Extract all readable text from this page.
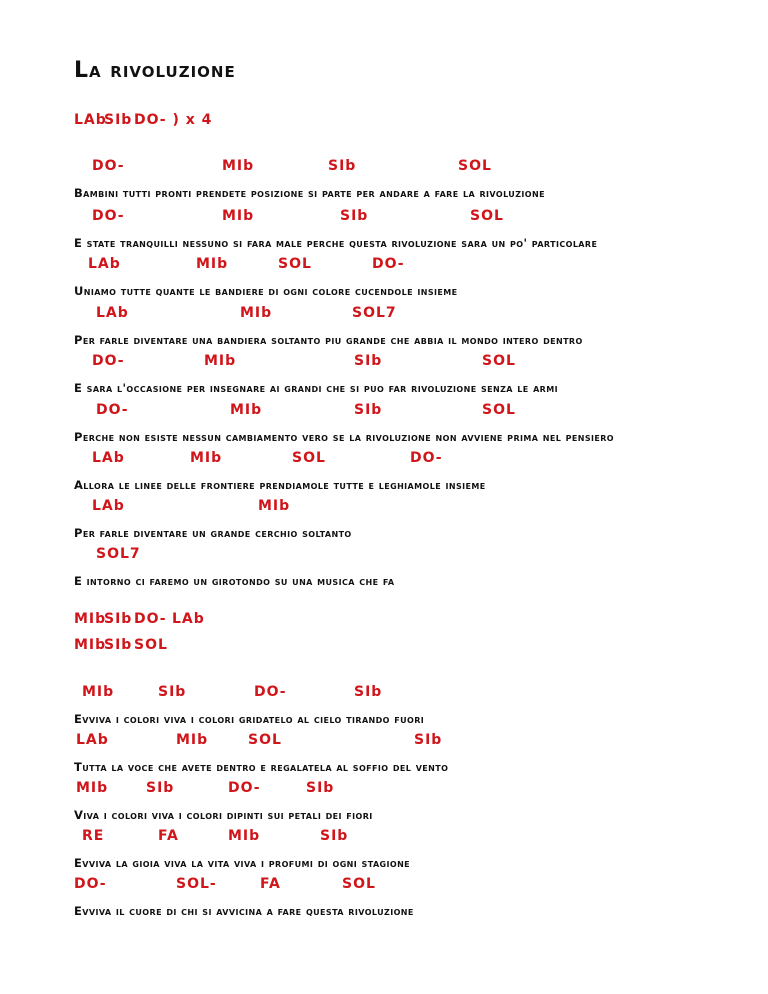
La rivoluzione
LAb
SIb DO- ) x 4
DO-	MIb	SIb	SOL
Bambini tutti pronti prendete posizione si parte per andare a fare la rivoluzione
DO-	MIb	SIb	SOL
E state tranquilli nessuno si fara male perche questa rivoluzione sara un po' particolare
LAb	MIb	SOL	DO-
Uniamo tutte quante le bandiere di ogni colore cucendole insieme
LAb	MIb	SOL7
Per farle diventare una bandiera soltanto piu grande che abbia il mondo intero dentro
DO-	MIb	SIb	SOL
E sara l'occasione per insegnare ai grandi che si puo far rivoluzione senza le armi
DO-	MIb	SIb	SOL
Perche non esiste nessun cambiamento vero se la rivoluzione non avviene prima nel pensiero
LAb	MIb	SOL	DO-
Allora le linee delle frontiere prendiamole tutte e leghiamole insieme
LAb	MIb
Per farle diventare un grande cerchio soltanto
SOL7
E intorno ci faremo un girotondo su una musica che fa
MIb
SIb DO- LAb
MIb
SIb SOL
MIb	SIb	DO-	SIb
Evviva i colori viva i colori gridatelo al cielo tirando fuori
LAb	MIb	SOL	SIb
Tutta la voce che avete dentro e regalatela al soffio del vento
MIb	SIb	DO-	SIb
Viva i colori viva i colori dipinti sui petali dei fiori
RE	FA	MIb	SIb
Evviva la gioia viva la vita viva i profumi di ogni stagione
DO-	SOL-	FA	SOL
Evviva il cuore di chi si avvicina a fare questa rivoluzione
